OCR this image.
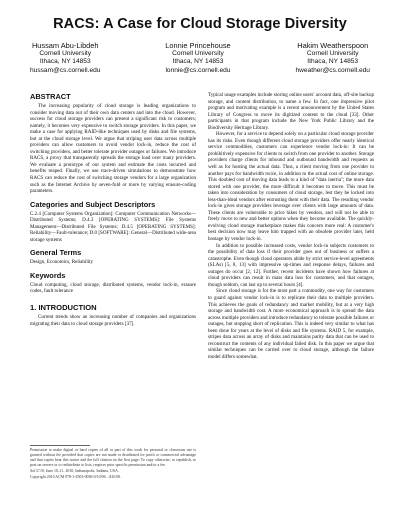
RACS: A Case for Cloud Storage Diversity
Hussam Abu-Libdeh
Cornell University
Ithaca, NY 14853
hussam@cs.cornell.edu
Lonnie Princehouse
Cornell University
Ithaca, NY 14853
lonnie@cs.cornell.edu
Hakim Weatherspoon
Cornell University
Ithaca, NY 14853
hweather@cs.cornell.edu
ABSTRACT

The increasing popularity of cloud storage is leading organizations to consider moving data out of their own data centers and into the cloud. However, success for cloud storage providers can present a significant risk to customers; namely, it becomes very expensive to switch storage providers. In this paper, we make a case for applying RAID-like techniques used by disks and file systems, but at the cloud storage level. We argue that striping user data across multiple providers can allow customers to avoid vendor lock-in, reduce the cost of switching providers, and better tolerate provider outages or failures. We introduce RACS, a proxy that transparently spreads the storage load over many providers. We evaluate a prototype of our system and estimate the costs incurred and benefits reaped. Finally, we use trace-driven simulations to demonstrate how RACS can reduce the cost of switching storage vendors for a large organization such as the Internet Archive by seven-fold or more by varying erasure-coding parameters.

Categories and Subject Descriptors

C.2.4 [Computer Systems Organization]: Computer Communication Networks—Distributed Systems; D.4.3 [OPERATING SYSTEMS]: File Systems Management—Distributed File Systems; D.4.5 [OPERATING SYSTEMS]: Reliability—Fault-tolerance; D.0 [SOFTWARE]: General—Distributed wide-area storage systems

General Terms

Design, Economics, Reliability

Keywords

Cloud computing, cloud storage, distributed systems, vendor lock-in, erasure codes, fault tolerance

1. INTRODUCTION

Current trends show an increasing number of companies and organizations migrating their data to cloud storage providers [37].

Permission to make digital or hard copies of all or part of this work for personal or classroom use is granted without fee provided that copies are not made or distributed for profit or commercial advantage and that copies bear this notice and the full citation on the first page. To copy otherwise, to republish, to post on servers or to redistribute to lists, requires prior specific permission and/or a fee.

SoCC'10, June 10–11, 2010, Indianapolis, Indiana, USA.

Copyright 2010 ACM 978-1-4503-0036-0/10/06 ...$10.00.

Typical usage examples include storing online users' account data, off-site backup storage, and content distribution, to name a few. In fact, one impressive pilot program and motivating example is a recent announcement by the United States Library of Congress to move its digitized content to the cloud [33]. Other participants in that program include the New York Public Library and the Biodiversity Heritage Library.

However, for a service to depend solely on a particular cloud storage provider has its risks. Even though different cloud storage providers offer nearly identical service commodities, customers can experience vendor lock-in: It can be prohibitively expensive for clients to switch from one provider to another. Storage providers charge clients for inbound and outbound bandwidth and requests as well as for hosting the actual data. Thus, a client moving from one provider to another pays for bandwidth twice, in addition to the actual cost of online storage. This doubled cost of moving data leads to a kind of "data inertia"; the more data stored with one provider, the more difficult it becomes to move. This must be taken into consideration by consumers of cloud storage, lest they be locked into less-than-ideal vendors after entrusting them with their data. The resulting vendor lock-in gives storage providers leverage over clients with large amounts of data. These clients are vulnerable to price hikes by vendors, and will not be able to freely move to new and better options when they become available. The quickly-evolving cloud storage marketplace makes this concern more real: A customer's best decision now may leave him trapped with an obsolete provider later, held hostage by vendor lock-in.

In addition to possible increased costs, vendor lock-in subjects customers to the possibility of data loss if their provider goes out of business or suffers a catastrophe. Even though cloud operators abide by strict service-level agreements (SLAs) [5, 8, 13] with impressive up-times and response delays, failures and outages do occur [2, 12]. Further, recent incidents have shown how failures at cloud providers can result in mass data loss for customers, and that outages, though seldom, can last up to several hours [4].

Since cloud storage is for the most part a commodity, one way for customers to guard against vendor lock-in is to replicate their data to multiple providers. This achieves the goals of redundancy and market mobility, but at a very high storage and bandwidth cost. A more economical approach is to spread the data across multiple providers and introduce redundancy to tolerate possible failures or outages, but stopping short of replication. This is indeed very similar to what has been done for years at the level of disks and file systems. RAID 5, for example, stripes data across an array of disks and maintains parity data that can be used to reconstruct the contents of any individual failed disk. In this paper we argue that similar techniques can be carried over to cloud storage, although the failure model differs somewhat.
